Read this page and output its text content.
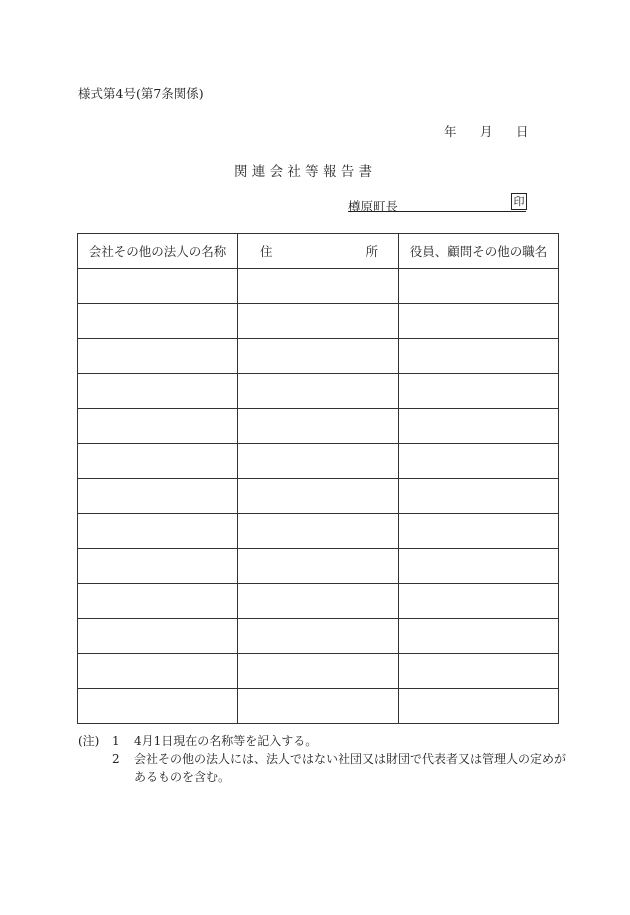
様式第4号(第7条関係)
年 月 日
関 連 会 社 等 報 告 書
樽原町長	印
会社その他の法人の名称	住 所	役員、顧問その他の職名

(注)	1	4月1日現在の名称等を記入する。
2	会社その他の法人には、法人ではない社団又は財団で代表者又は管理人の定めが
あるものを含む。
